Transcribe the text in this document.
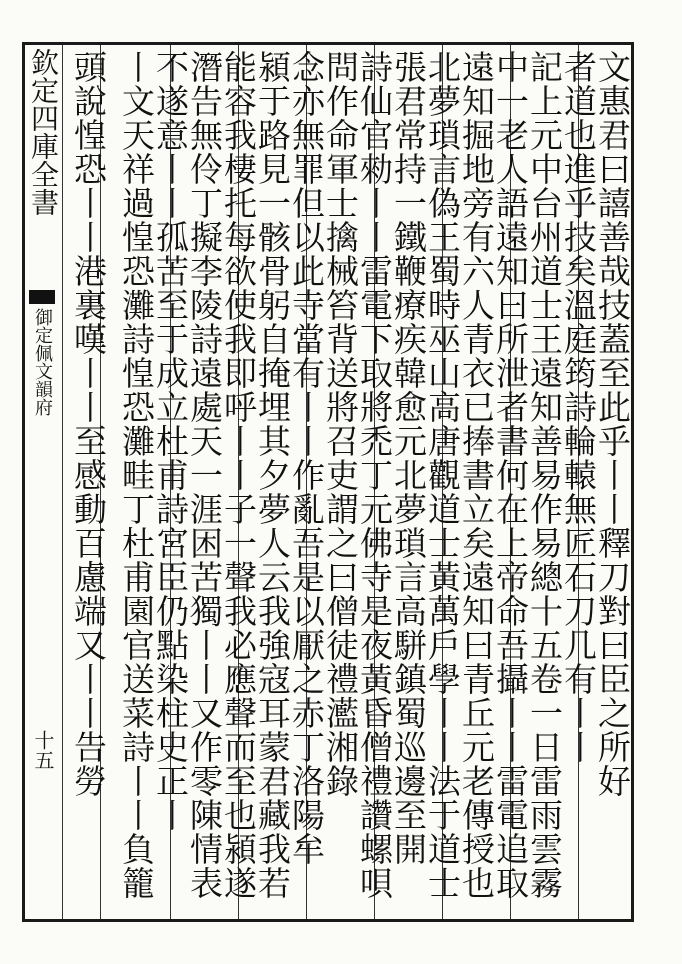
欽定四庫全書
御定佩文韻府
十五	文惠君曰譆善哉技蓋至此乎丨丨釋刀對曰臣之所好
者道也進乎技矣溫庭筠詩輪轅無匠石刀几有丨丨
記上元中台州道士王遠知善易作易總十五卷一日雷雨雲霧
中一老人語遠知曰所泄者書何在上帝命吾攝丨丨雷電追取
遠知掘地旁有六人青衣已捧書立矣遠知曰青丘元老傳授也
北夢瑣言偽王蜀時巫山高唐觀道士黃萬戶學丨丨法于道士
張君常持一鐵鞭療疾韓愈元北夢瑣言高駢鎮蜀巡邊至開
詩仙官勑丨丨雷電下取將禿丁元佛寺是夜黃昏僧禮讚螺唄
問作命軍士擒械笞背送將召吏謂之曰僧徒禮灆湘錄
念亦無罪但以此寺當有丨丨作亂吾是以厭之赤丁洛陽牟
潁于路見一骸骨躬自掩埋其夕夢人云我強寇耳蒙君藏我若
能容我棲托每欲使我即呼丨丨子一聲我必應聲而至也潁遂
潛告無伶丁擬李陵詩遠處天一涯困苦獨丨丨又作零陳情表
不遂意丨丨孤苦至于成立杜甫詩宮臣仍點染柱史正丨
丨文天祥過惶恐灘詩惶恐灘畦丁杜甫園官送菜詩丨丨負籠
頭說惶恐丨丨港裏嘆丨丨至感動百慮端又丨丨告勞
